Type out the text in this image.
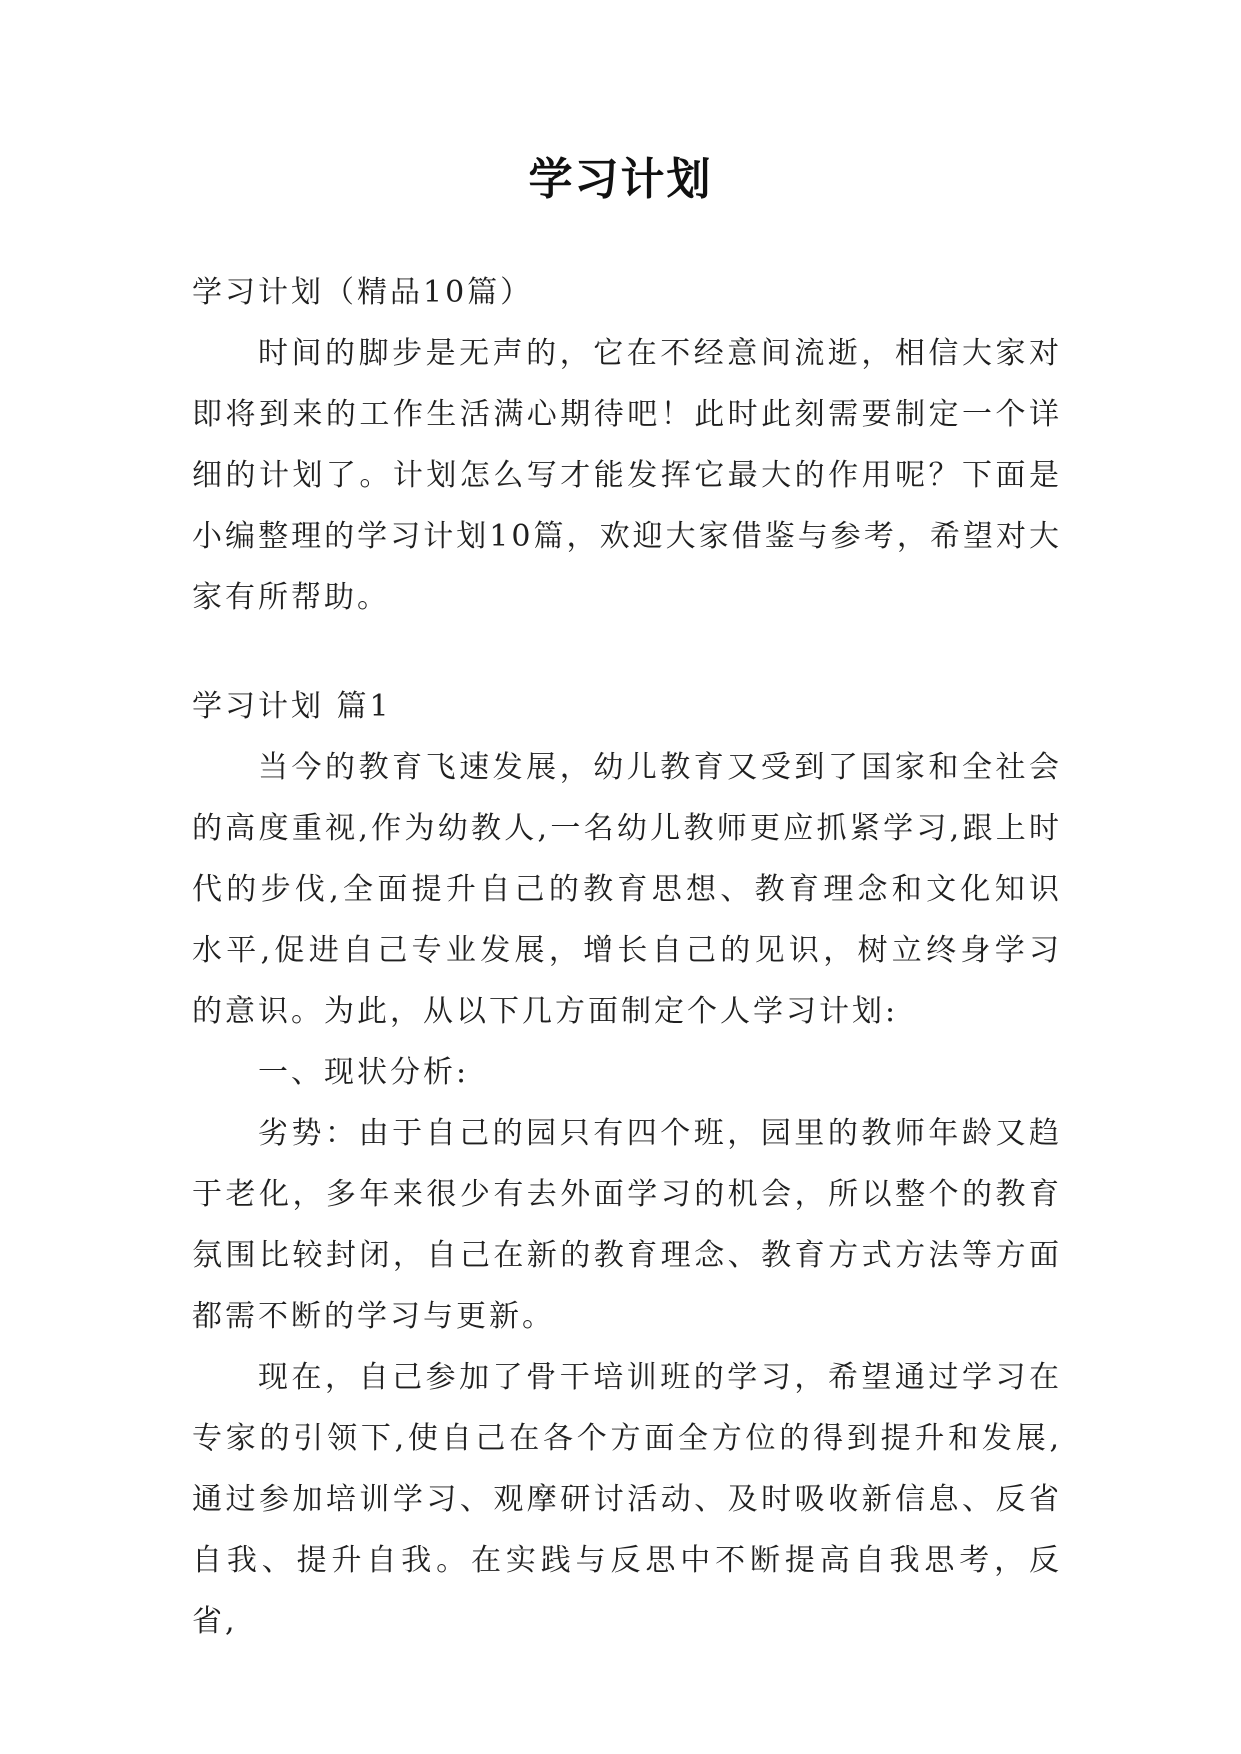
学习计划

学习计划（精品10篇）

时间的脚步是无声的，它在不经意间流逝，相信大家对即将到来的工作生活满心期待吧！此时此刻需要制定一个详细的计划了。计划怎么写才能发挥它最大的作用呢？下面是小编整理的学习计划10篇，欢迎大家借鉴与参考，希望对大家有所帮助。

学习计划 篇1

当今的教育飞速发展，幼儿教育又受到了国家和全社会的高度重视,作为幼教人,一名幼儿教师更应抓紧学习,跟上时代的步伐,全面提升自己的教育思想、教育理念和文化知识水平,促进自己专业发展，增长自己的见识，树立终身学习的意识。为此，从以下几方面制定个人学习计划:

一、现状分析:

劣势：由于自己的园只有四个班，园里的教师年龄又趋于老化，多年来很少有去外面学习的机会，所以整个的教育氛围比较封闭，自己在新的教育理念、教育方式方法等方面都需不断的学习与更新。

现在，自己参加了骨干培训班的学习，希望通过学习在专家的引领下,使自己在各个方面全方位的得到提升和发展,通过参加培训学习、观摩研讨活动、及时吸收新信息、反省自我、提升自我。在实践与反思中不断提高自我思考，反省,
